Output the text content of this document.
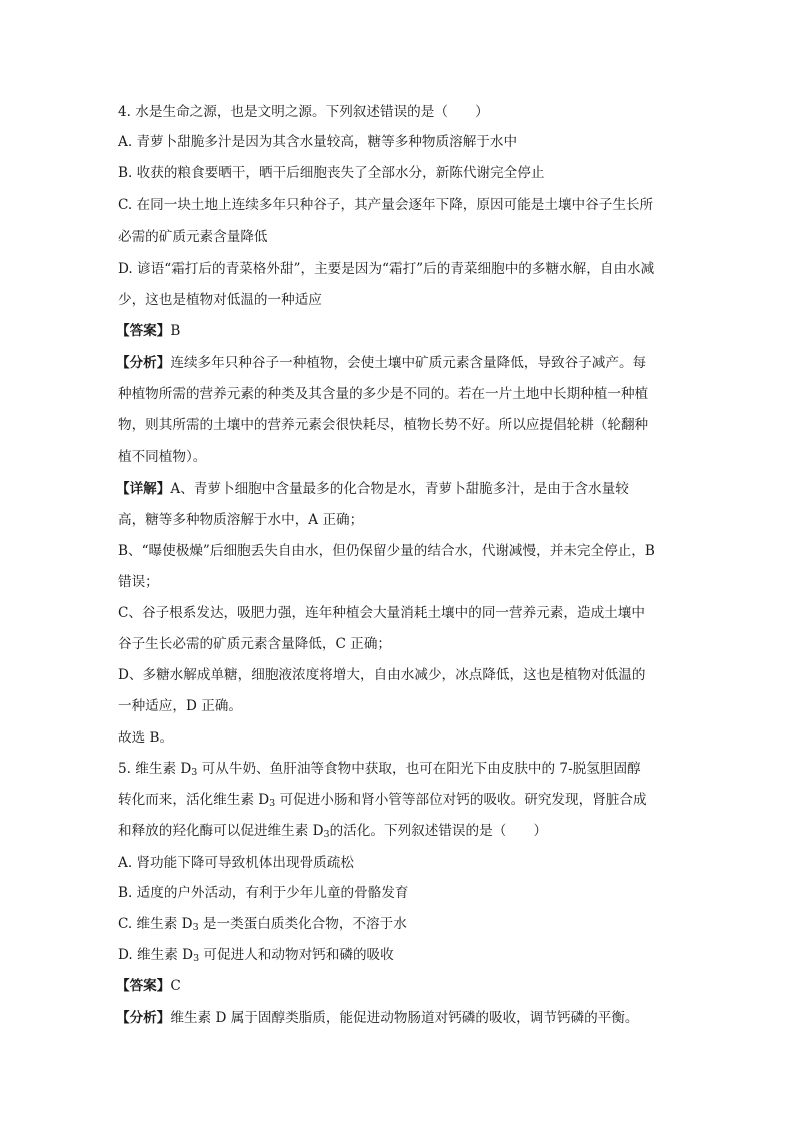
4. 水是生命之源，也是文明之源。下列叙述错误的是（　　）
A. 青萝卜甜脆多汁是因为其含水量较高，糖等多种物质溶解于水中
B. 收获的粮食要晒干，晒干后细胞丧失了全部水分，新陈代谢完全停止
C. 在同一块土地上连续多年只种谷子，其产量会逐年下降，原因可能是土壤中谷子生长所
必需的矿质元素含量降低
D. 谚语“霜打后的青菜格外甜”，主要是因为“霜打”后的青菜细胞中的多糖水解，自由水减
少，这也是植物对低温的一种适应
【答案】B
【分析】连续多年只种谷子一种植物，会使土壤中矿质元素含量降低，导致谷子减产。每
种植物所需的营养元素的种类及其含量的多少是不同的。若在一片土地中长期种植一种植
物，则其所需的土壤中的营养元素会很快耗尽，植物长势不好。所以应提倡轮耕（轮翻种
植不同植物）。
【详解】A、青萝卜细胞中含量最多的化合物是水，青萝卜甜脆多汁，是由于含水量较
高，糖等多种物质溶解于水中，A 正确；
B、“曝使极燥”后细胞丢失自由水，但仍保留少量的结合水，代谢减慢，并未完全停止，B
错误；
C、谷子根系发达，吸肥力强，连年种植会大量消耗土壤中的同一营养元素，造成土壤中
谷子生长必需的矿质元素含量降低，C 正确；
D、多糖水解成单糖，细胞液浓度将增大，自由水减少，冰点降低，这也是植物对低温的
一种适应，D 正确。
故选 B。
5. 维生素 $D_3$ 可从牛奶、鱼肝油等食物中获取，也可在阳光下由皮肤中的 7-脱氢胆固醇
转化而来，活化维生素 $D_3$ 可促进小肠和肾小管等部位对钙的吸收。研究发现，肾脏合成
和释放的羟化酶可以促进维生素 $D_3$的活化。下列叙述错误的是（　　）
A. 肾功能下降可导致机体出现骨质疏松
B. 适度的户外活动，有利于少年儿童的骨骼发育
C. 维生素 $D_3$ 是一类蛋白质类化合物，不溶于水
D. 维生素 $D_3$ 可促进人和动物对钙和磷的吸收
【答案】C
【分析】维生素 D 属于固醇类脂质，能促进动物肠道对钙磷的吸收，调节钙磷的平衡。
